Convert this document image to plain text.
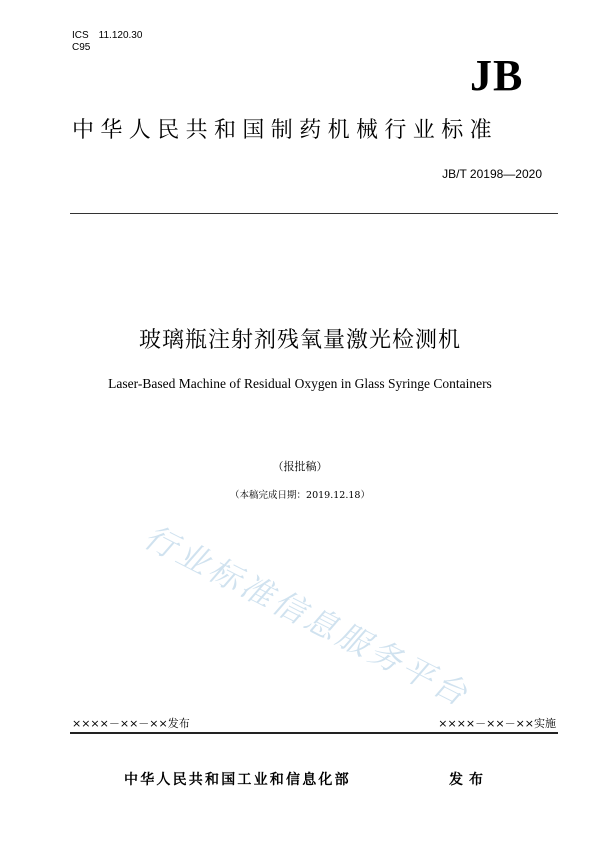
ICS　11.120.30
C95
JB
中华人民共和国制药机械行业标准
JB/T 20198—2020
玻璃瓶注射剂残氧量激光检测机
Laser-Based Machine of Residual Oxygen in Glass Syringe Containers
（报批稿）
（本稿完成日期：2019.12.18）
行业标准信息服务平台
××××－××－××发布	××××－××－××实施
中华人民共和国工业和信息化部	发布
